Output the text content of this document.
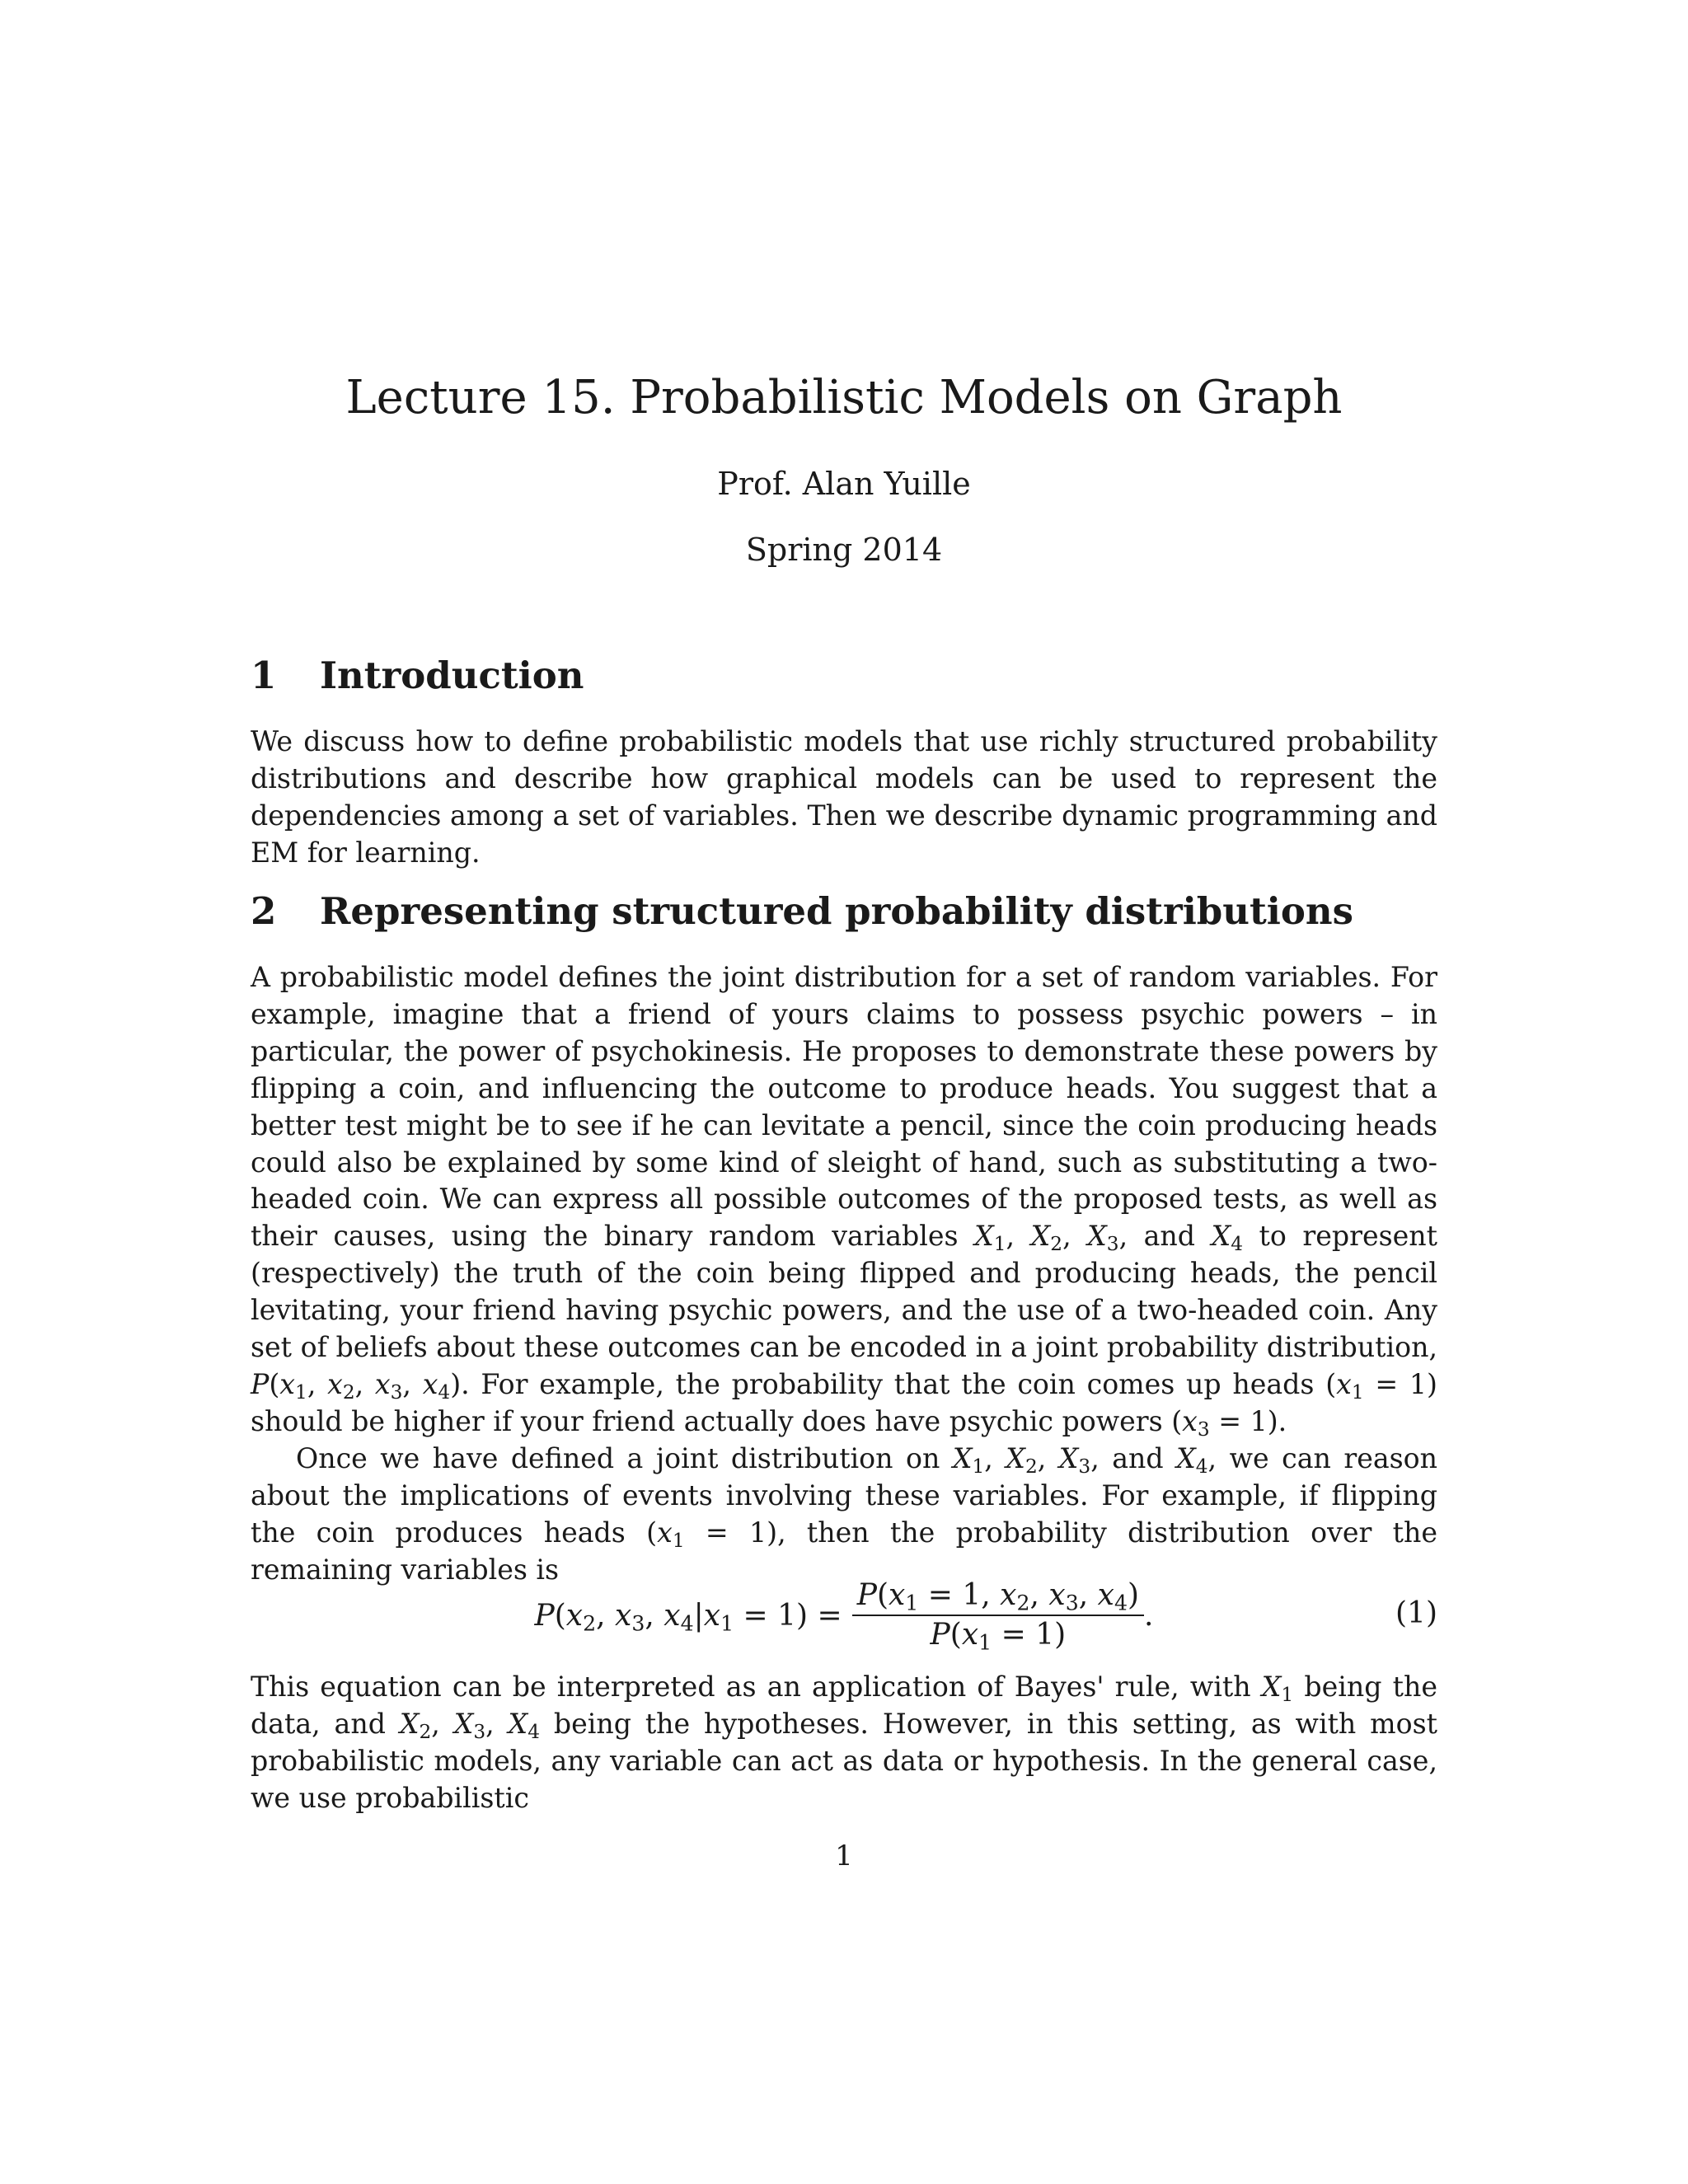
Lecture 15. Probabilistic Models on Graph
Prof. Alan Yuille
Spring 2014
1 Introduction

We discuss how to define probabilistic models that use richly structured probability distributions and describe how graphical models can be used to represent the dependencies among a set of variables. Then we describe dynamic programming and EM for learning.

2 Representing structured probability distributions

A probabilistic model defines the joint distribution for a set of random variables. For example, imagine that a friend of yours claims to possess psychic powers – in particular, the power of psychokinesis. He proposes to demonstrate these powers by flipping a coin, and influencing the outcome to produce heads. You suggest that a better test might be to see if he can levitate a pencil, since the coin producing heads could also be explained by some kind of sleight of hand, such as substituting a two-headed coin. We can express all possible outcomes of the proposed tests, as well as their causes, using the binary random variables $X_1$, $X_2$, $X_3$, and $X_4$ to represent (respectively) the truth of the coin being flipped and producing heads, the pencil levitating, your friend having psychic powers, and the use of a two-headed coin. Any set of beliefs about these outcomes can be encoded in a joint probability distribution, $P(x_1$, $x_2$, $x_3$, $x_4$). For example, the probability that the coin comes up heads $(x_1 = 1)$ should be higher if your friend actually does have psychic powers $(x_3 = 1)$.

Once we have defined a joint distribution on $X_1$, $X_2$, $X_3$, and $X_4$, we can reason about the implications of events involving these variables. For example, if flipping the coin produces heads $(x_1 = 1)$, then the probability distribution over the remaining variables is

$P(x_2$, $x_3$, $x_4|x_1 = 1) = \frac{P(x_1 = 1, x_2, x_3, x_4)}{P(x_1 = 1)}$ .	(1)

This equation can be interpreted as an application of Bayes' rule, with $X_1$ being the data, and $X_2$, $X_3$, $X_4$ being the hypotheses. However, in this setting, as with most probabilistic models, any variable can act as data or hypothesis. In the general case, we use probabilistic

1
